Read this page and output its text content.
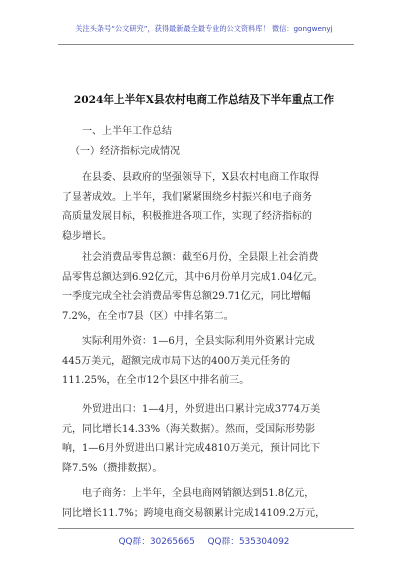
关注头条号“公文研究”，获得最新最全最专业的公文资料库！ 微信：gongwenyj
2024年上半年X县农村电商工作总结及下半年重点工作
一、上半年工作总结
（一）经济指标完成情况
在县委、县政府的坚强领导下，X县农村电商工作取得
了显著成效。上半年，我们紧紧围绕乡村振兴和电子商务
高质量发展目标，积极推进各项工作，实现了经济指标的
稳步增长。
社会消费品零售总额：截至6月份，全县限上社会消费
品零售总额达到6.92亿元，其中6月份单月完成1.04亿元。
一季度完成全社会消费品零售总额29.71亿元，同比增幅
7.2%，在全市7县（区）中排名第二。
实际利用外资：1—6月，全县实际利用外资累计完成
445万美元，超额完成市局下达的400万美元任务的
111.25%，在全市12个县区中排名前三。
外贸进出口：1—4月，外贸进出口累计完成3774万美
元，同比增长14.33%（海关数据）。然而，受国际形势影
响，1—6月外贸进出口累计完成4810万美元，预计同比下
降7.5%（攒排数据）。
电子商务：上半年，全县电商网销额达到51.8亿元，
同比增长11.7%；跨境电商交易额累计完成14109.2万元，
QQ群：30265665 QQ群：535304092
